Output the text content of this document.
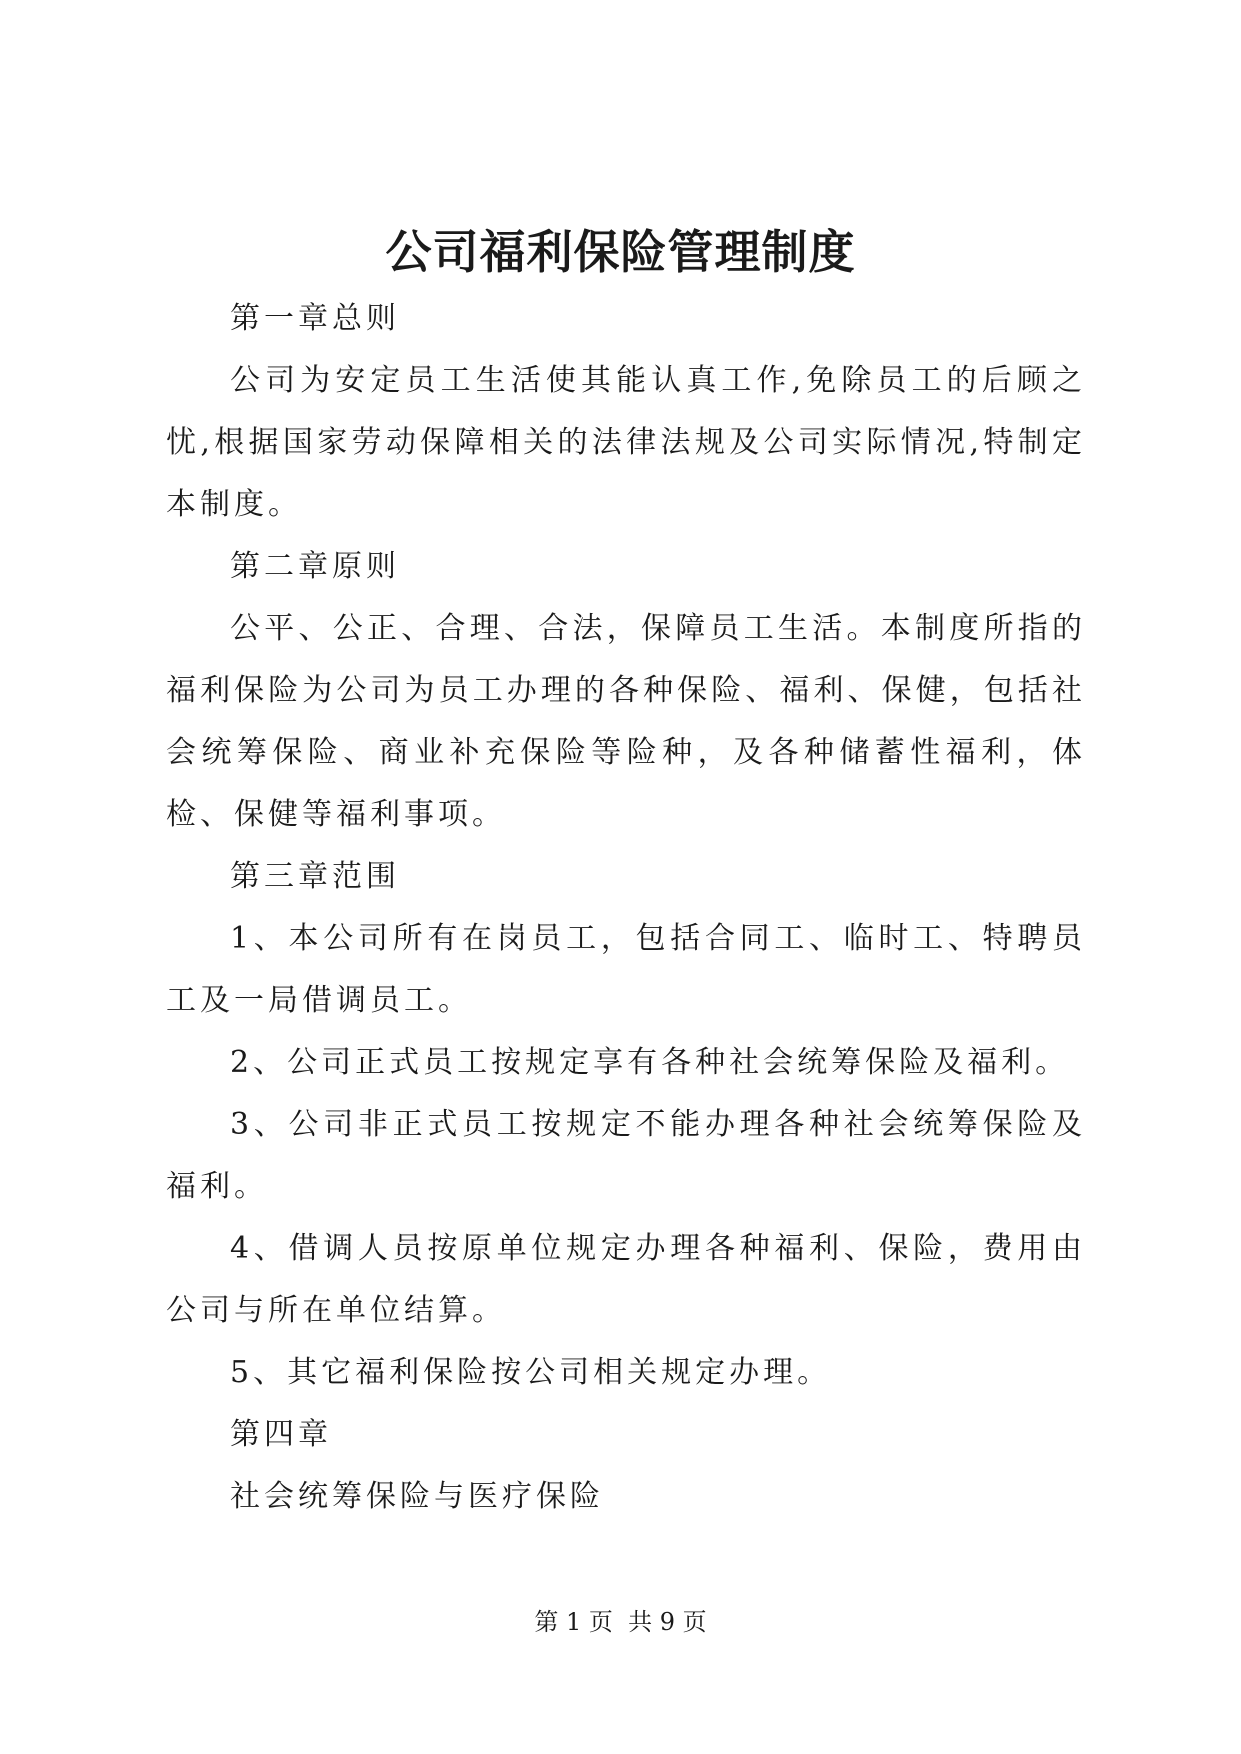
公司福利保险管理制度

第一章总则

公司为安定员工生活使其能认真工作,免除员工的后顾之忧,根据国家劳动保障相关的法律法规及公司实际情况,特制定本制度。

第二章原则

公平、公正、合理、合法，保障员工生活。本制度所指的福利保险为公司为员工办理的各种保险、福利、保健，包括社会统筹保险、商业补充保险等险种，及各种储蓄性福利，体检、保健等福利事项。

第三章范围

1、本公司所有在岗员工，包括合同工、临时工、特聘员工及一局借调员工。

2、公司正式员工按规定享有各种社会统筹保险及福利。

3、公司非正式员工按规定不能办理各种社会统筹保险及福利。

4、借调人员按原单位规定办理各种福利、保险，费用由公司与所在单位结算。

5、其它福利保险按公司相关规定办理。

第四章

社会统筹保险与医疗保险

第 1 页  共 9 页
